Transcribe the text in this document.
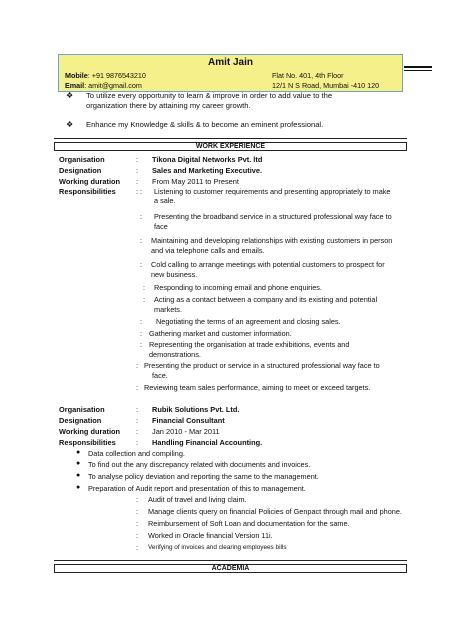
Amit Jain
Mobile: +91 9876543210
Email: amit@gmail.com
Flat No. 401, 4th Floor
12/1 N S Road, Mumbai -410 120
❖ To utilize every opportunity to learn & improve in order to add value to the
organization there by attaining my career growth.
❖ Enhance my Knowledge & skills & to become an eminent professional.
WORK EXPERIENCE
Organisation	: Tikona Digital Networks Pvt. ltd
Designation	: Sales and Marketing Executive.
Working duration : From May 2011 to Present
Responsibilities	: : Listening to customer requirements and presenting appropriately to make
a sale.
: Presenting the broadband service in a structured professional way face to
face
: Maintaining and developing relationships with existing customers in person
and via telephone calls and emails.
: Cold calling to arrange meetings with potential customers to prospect for
new business.
: Responding to incoming email and phone enquiries.
: Acting as a contact between a company and its existing and potential
markets.
: Negotiating the terms of an agreement and closing sales.
: Gathering market and customer information.
: Representing the organisation at trade exhibitions, events and
demonstrations.
: Presenting the product or service in a structured professional way face to
face.
: Reviewing team sales performance, aiming to meet or exceed targets.
Organisation	: Rubik Solutions Pvt. Ltd.
Designation	: Financial Consultant
Working duration : Jan 2010 - Mar 2011
Responsibilities	: Handling Financial Accounting.
● Data collection and compiling.
● To find out the any discrepancy related with documents and invoices.
● To analyse policy deviation and reporting the same to the management.
● Preparation of Audit report and presentation of this to management.
: Audit of travel and living claim.
: Manage clients query on financial Policies of Genpact through mail and phone.
: Reimbursement of Soft Loan and documentation for the same.
: Worked in Oracle financial Version 11i.
: Verifying of invoices and clearing employees bills
ACADEMIA
